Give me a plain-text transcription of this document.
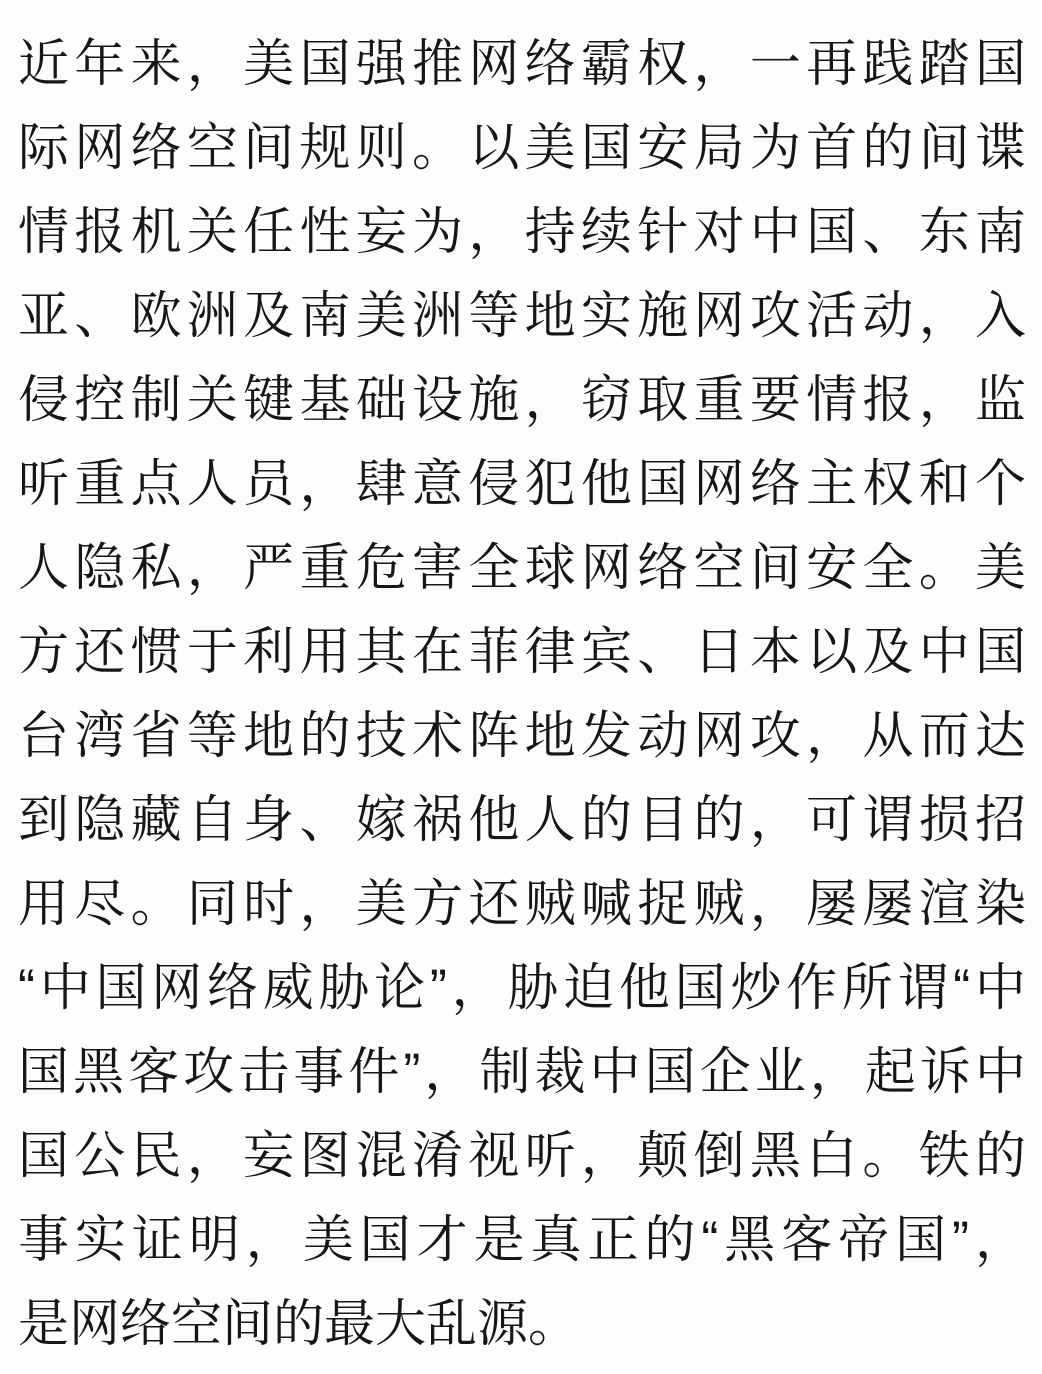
近年来，美国强推网络霸权，一再践踏国
际网络空间规则。以美国安局为首的间谍
情报机关任性妄为，持续针对中国、东南
亚、欧洲及南美洲等地实施网攻活动，入
侵控制关键基础设施，窃取重要情报，监
听重点人员，肆意侵犯他国网络主权和个
人隐私，严重危害全球网络空间安全。美
方还惯于利用其在菲律宾、日本以及中国
台湾省等地的技术阵地发动网攻，从而达
到隐藏自身、嫁祸他人的目的，可谓损招
用尽。同时，美方还贼喊捉贼，屡屡渲染
“中国网络威胁论”，胁迫他国炒作所谓“中
国黑客攻击事件”，制裁中国企业，起诉中
国公民，妄图混淆视听，颠倒黑白。铁的
事实证明，美国才是真正的“黑客帝国”，
是网络空间的最大乱源。
